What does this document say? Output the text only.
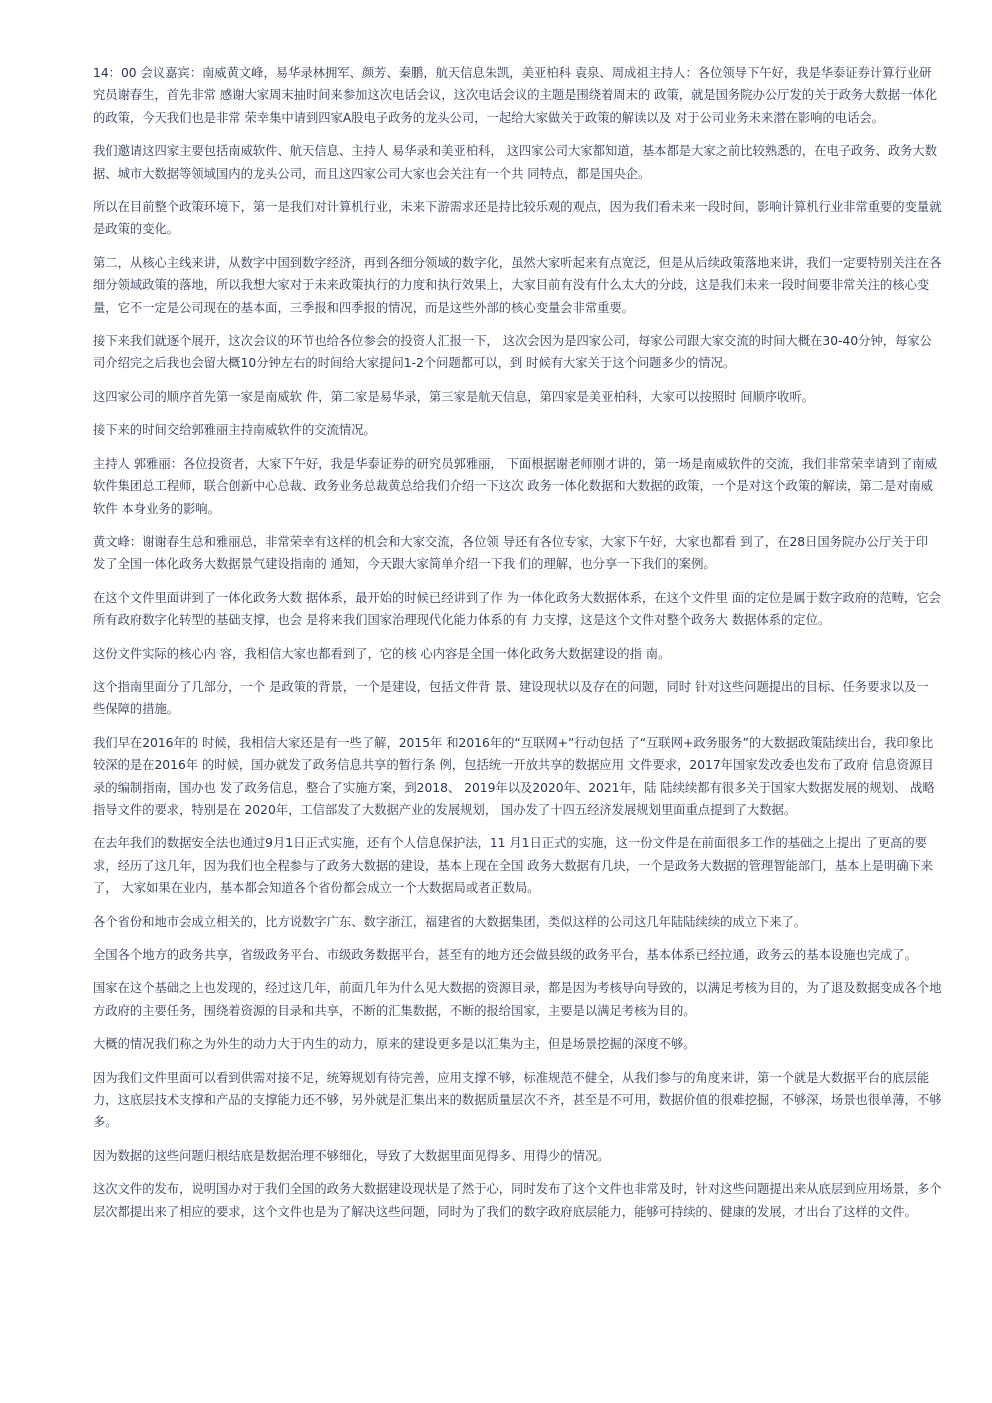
14：00 会议嘉宾：南威黄文峰，易华录林拥军、颜芳、秦鹏，航天信息朱凯，美亚柏科 袁泉、周成祖主持人：各位领导下午好，我是华泰证券计算行业研究员谢春生，首先非常 感谢大家周末抽时间来参加这次电话会议，这次电话会议的主题是围绕着周末的 政策，就是国务院办公厅发的关于政务大数据一体化的政策，今天我们也是非常 荣幸集中请到四家A股电子政务的龙头公司，一起给大家做关于政策的解读以及 对于公司业务未来潜在影响的电话会。

我们邀请这四家主要包括南威软件、航天信息、主持人 易华录和美亚柏科， 这四家公司大家都知道，基本都是大家之前比较熟悉的，在电子政务、政务大数 据、城市大数据等领域国内的龙头公司，而且这四家公司大家也会关注有一个共 同特点，都是国央企。

所以在目前整个政策环境下，第一是我们对计算机行业，未来下游需求还是持比较乐观的观点，因为我们看未来一段时间，影响计算机行业非常重要的变量就是政策的变化。

第二，从核心主线来讲，从数字中国到数字经济，再到各细分领域的数字化，虽然大家听起来有点宽泛，但是从后续政策落地来讲，我们一定要特别关注在各细分领域政策的落地，所以我想大家对于未来政策执行的力度和执行效果上，大家目前有没有什么太大的分歧，这是我们未来一段时间要非常关注的核心变量，它不一定是公司现在的基本面，三季报和四季报的情况，而是这些外部的核心变量会非常重要。

接下来我们就逐个展开，这次会议的环节也给各位参会的投资人汇报一下， 这次会因为是四家公司，每家公司跟大家交流的时间大概在30-40分钟，每家公 司介绍完之后我也会留大概10分钟左右的时间给大家提问1-2个问题都可以，到 时候有大家关于这个问题多少的情况。

这四家公司的顺序首先第一家是南威软 件，第二家是易华录，第三家是航天信息，第四家是美亚柏科，大家可以按照时 间顺序收听。

接下来的时间交给郭雅丽主持南威软件的交流情况。

主持人 郭雅丽：各位投资者，大家下午好，我是华泰证券的研究员郭雅丽， 下面根据谢老师刚才讲的，第一场是南威软件的交流，我们非常荣幸请到了南威 软件集团总工程师，联合创新中心总裁、政务业务总裁黄总给我们介绍一下这次 政务一体化数据和大数据的政策，一个是对这个政策的解读，第二是对南威软件 本身业务的影响。

黄文峰：谢谢春生总和雅丽总，非常荣幸有这样的机会和大家交流，各位领 导还有各位专家，大家下午好，大家也都看 到了，在28日国务院办公厅关于印 发了全国一体化政务大数据景气建设指南的 通知，今天跟大家简单介绍一下我 们的理解，也分享一下我们的案例。

在这个文件里面讲到了一体化政务大数 据体系，最开始的时候已经讲到了作 为一体化政务大数据体系，在这个文件里 面的定位是属于数字政府的范畴，它会 所有政府数字化转型的基础支撑，也会 是将来我们国家治理现代化能力体系的有 力支撑，这是这个文件对整个政务大 数据体系的定位。

这份文件实际的核心内 容，我相信大家也都看到了，它的核 心内容是全国一体化政务大数据建设的指 南。

这个指南里面分了几部分，一个 是政策的背景，一个是建设，包括文件背 景、建设现状以及存在的问题，同时 针对这些问题提出的目标、任务要求以及一 些保障的措施。

我们早在2016年的 时候，我相信大家还是有一些了解，2015年 和2016年的“互联网+”行动包括 了“互联网+政务服务”的大数据政策陆续出台，我印象比较深的是在2016年 的时候，国办就发了政务信息共享的暂行条 例，包括统一开放共享的数据应用 文件要求，2017年国家发改委也发布了政府 信息资源目录的编制指南，国办也 发了政务信息，整合了实施方案，到2018、 2019年以及2020年、2021年，陆 陆续续都有很多关于国家大数据发展的规划、 战略指导文件的要求，特别是在 2020年，工信部发了大数据产业的发展规划， 国办发了十四五经济发展规划里面重点提到了大数据。

在去年我们的数据安全法也通过9月1日正式实施，还有个人信息保护法，11 月1日正式的实施，这一份文件是在前面很多工作的基础之上提出 了更高的要 求，经历了这几年，因为我们也全程参与了政务大数据的建设，基本上现在全国 政务大数据有几块，一个是政务大数据的管理智能部门，基本上是明确下来了， 大家如果在业内，基本都会知道各个省份都会成立一个大数据局或者正数局。

各个省份和地市会成立相关的，比方说数字广东、数字浙江，福建省的大数据集团，类似这样的公司这几年陆陆续续的成立下来了。

全国各个地方的政务共享，省级政务平台、市级政务数据平台，甚至有的地方还会做县级的政务平台，基本体系已经拉通，政务云的基本设施也完成了。

国家在这个基础之上也发现的，经过这几年，前面几年为什么见大数据的资源目录，都是因为考核导向导致的，以满足考核为目的，为了退及数据变成各个地方政府的主要任务，围绕着资源的目录和共享，不断的汇集数据，不断的报给国家，主要是以满足考核为目的。

大概的情况我们称之为外生的动力大于内生的动力，原来的建设更多是以汇集为主，但是场景挖掘的深度不够。

因为我们文件里面可以看到供需对接不足，统筹规划有待完善，应用支撑不够，标准规范不健全，从我们参与的角度来讲，第一个就是大数据平台的底层能力，这底层技术支撑和产品的支撑能力还不够，另外就是汇集出来的数据质量层次不齐，甚至是不可用，数据价值的很难挖掘，不够深，场景也很单薄，不够多。

因为数据的这些问题归根结底是数据治理不够细化，导致了大数据里面见得多、用得少的情况。

这次文件的发布，说明国办对于我们全国的政务大数据建设现状是了然于心，同时发布了这个文件也非常及时，针对这些问题提出来从底层到应用场景，多个层次都提出来了相应的要求，这个文件也是为了解决这些问题，同时为了我们的数字政府底层能力，能够可持续的、健康的发展，才出台了这样的文件。
